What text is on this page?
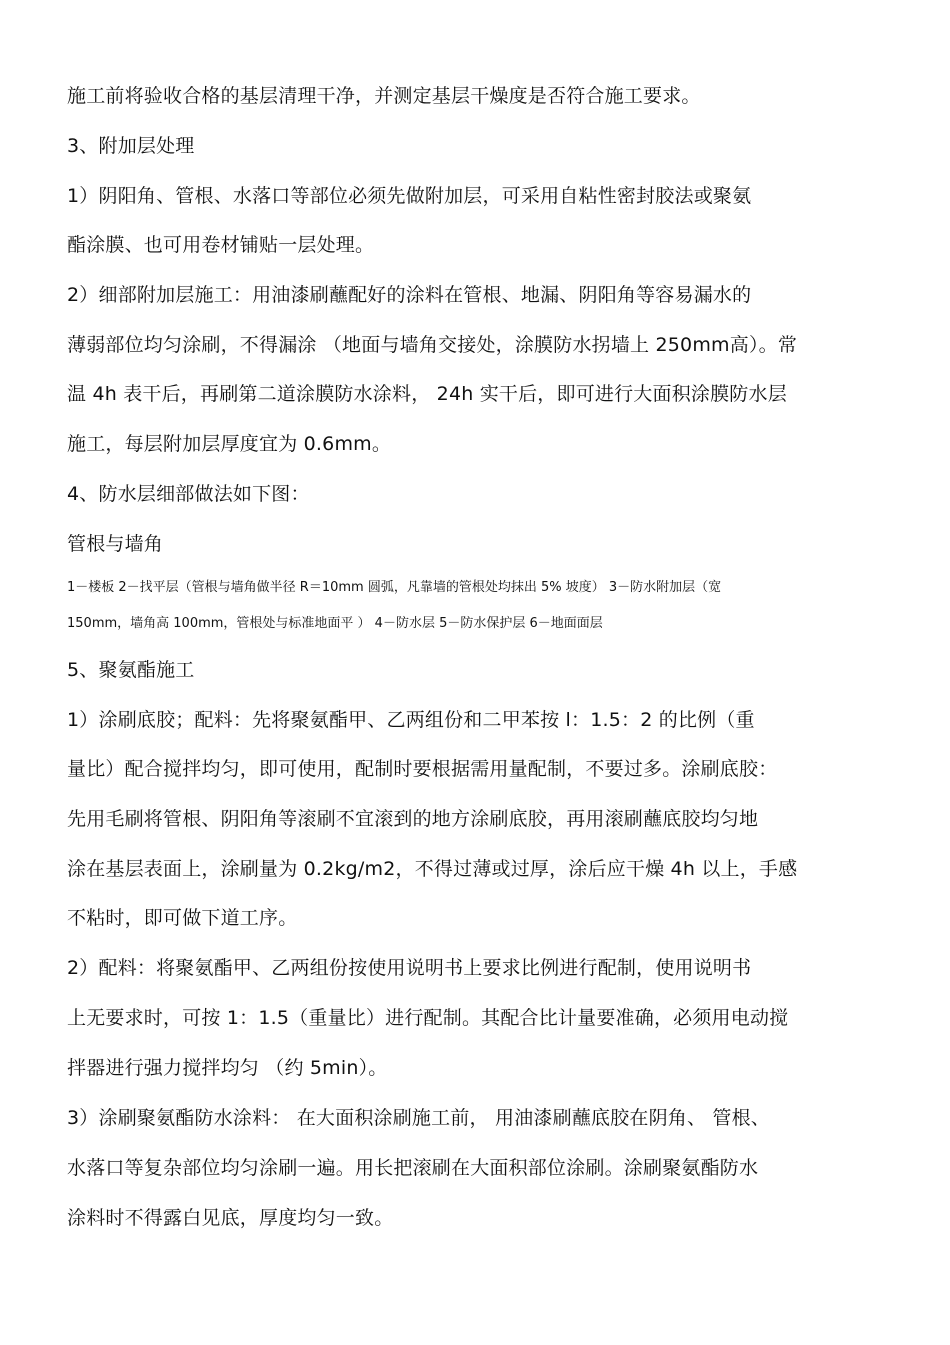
施工前将验收合格的基层清理干净，并测定基层干燥度是否符合施工要求。
3、附加层处理
1）阴阳角、管根、水落口等部位必须先做附加层，可采用自粘性密封胶法或聚氨
酯涂膜、也可用卷材铺贴一层处理。
2）细部附加层施工：用油漆刷蘸配好的涂料在管根、地漏、阴阳角等容易漏水的
薄弱部位均匀涂刷，不得漏涂 （地面与墙角交接处，涂膜防水拐墙上 250mm高）。常
温 4h 表干后，再刷第二道涂膜防水涂料， 24h 实干后，即可进行大面积涂膜防水层
施工，每层附加层厚度宜为 0.6mm。
4、防水层细部做法如下图：
管根与墙角
1－楼板 2－找平层（管根与墙角做半径 R＝10mm 圆弧，凡靠墙的管根处均抹出 5% 坡度） 3－防水附加层（宽
150mm，墙角高 100mm，管根处与标准地面平 ） 4－防水层 5－防水保护层 6－地面面层
5、聚氨酯施工
1）涂刷底胶；配料：先将聚氨酯甲、乙两组份和二甲苯按 l：1.5：2 的比例（重
量比）配合搅拌均匀，即可使用，配制时要根据需用量配制，不要过多。涂刷底胶：
先用毛刷将管根、阴阳角等滚刷不宜滚到的地方涂刷底胶，再用滚刷蘸底胶均匀地
涂在基层表面上，涂刷量为 0.2kg/m2，不得过薄或过厚，涂后应干燥 4h 以上，手感
不粘时，即可做下道工序。
2）配料：将聚氨酯甲、乙两组份按使用说明书上要求比例进行配制，使用说明书
上无要求时，可按 1：1.5（重量比）进行配制。其配合比计量要准确，必须用电动搅
拌器进行强力搅拌均匀 （约 5min）。
3）涂刷聚氨酯防水涂料： 在大面积涂刷施工前， 用油漆刷蘸底胶在阴角、 管根、
水落口等复杂部位均匀涂刷一遍。用长把滚刷在大面积部位涂刷。涂刷聚氨酯防水
涂料时不得露白见底，厚度均匀一致。
